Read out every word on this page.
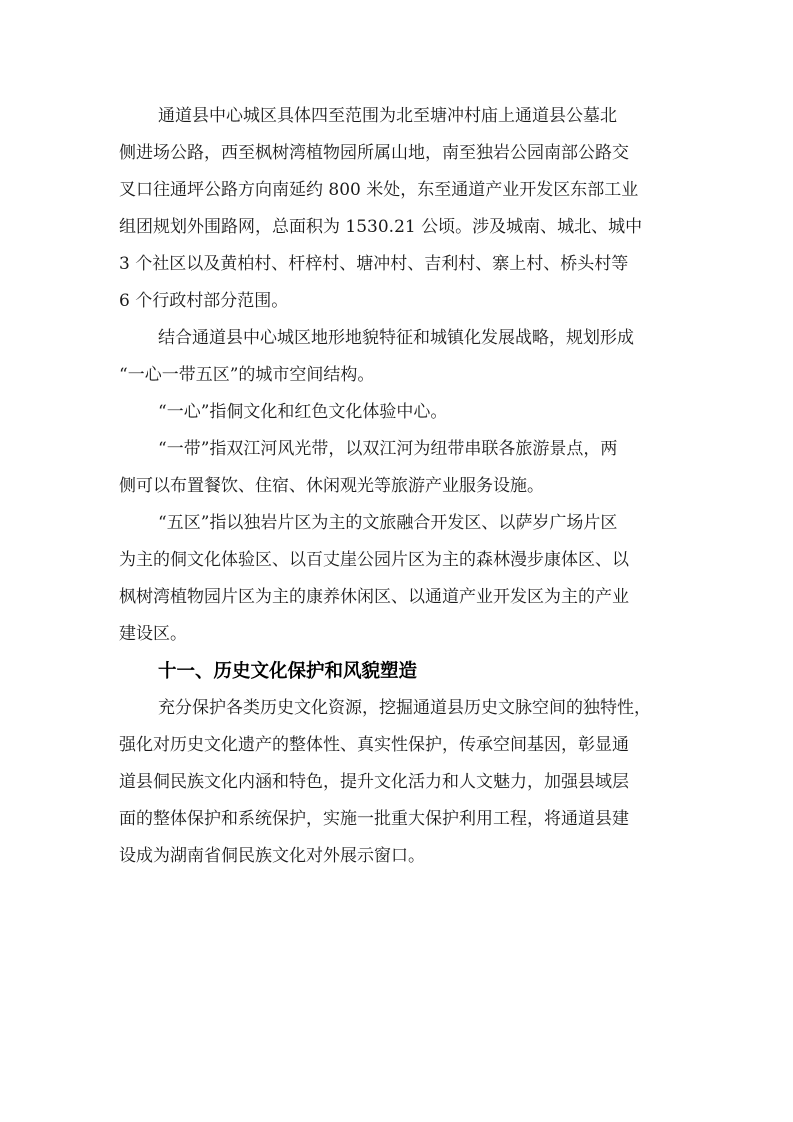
通道县中心城区具体四至范围为北至塘冲村庙上通道县公墓北
侧进场公路，西至枫树湾植物园所属山地，南至独岩公园南部公路交
叉口往通坪公路方向南延约 800 米处，东至通道产业开发区东部工业
组团规划外围路网，总面积为 1530.21 公顷。涉及城南、城北、城中
3 个社区以及黄柏村、杆梓村、塘冲村、吉利村、寨上村、桥头村等
6 个行政村部分范围。
结合通道县中心城区地形地貌特征和城镇化发展战略，规划形成
“一心一带五区”的城市空间结构。
“一心”指侗文化和红色文化体验中心。
“一带”指双江河风光带，以双江河为纽带串联各旅游景点，两
侧可以布置餐饮、住宿、休闲观光等旅游产业服务设施。
“五区”指以独岩片区为主的文旅融合开发区、以萨岁广场片区
为主的侗文化体验区、以百丈崖公园片区为主的森林漫步康体区、以
枫树湾植物园片区为主的康养休闲区、以通道产业开发区为主的产业
建设区。
十一、历史文化保护和风貌塑造
充分保护各类历史文化资源，挖掘通道县历史文脉空间的独特性，
强化对历史文化遗产的整体性、真实性保护，传承空间基因，彰显通
道县侗民族文化内涵和特色，提升文化活力和人文魅力，加强县域层
面的整体保护和系统保护，实施一批重大保护利用工程，将通道县建
设成为湖南省侗民族文化对外展示窗口。
